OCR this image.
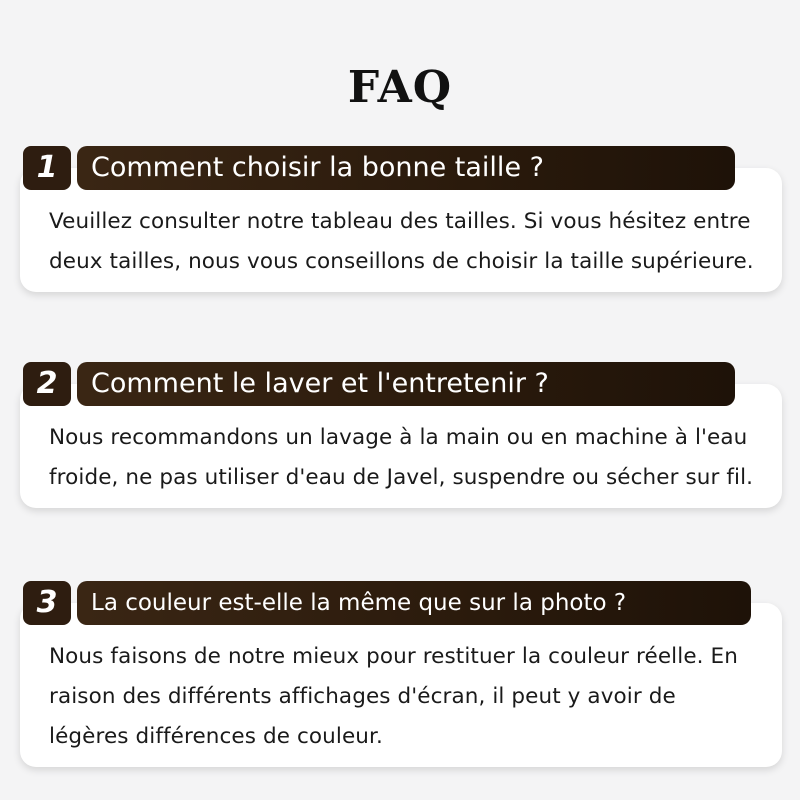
FAQ

Veuillez consulter notre tableau des tailles. Si vous hésitez entre deux tailles, nous vous conseillons de choisir la taille supérieure.

1	Comment choisir la bonne taille ?

Nous recommandons un lavage à la main ou en machine à l'eau froide, ne pas utiliser d'eau de Javel, suspendre ou sécher sur fil.

2	Comment le laver et l'entretenir ?

Nous faisons de notre mieux pour restituer la couleur réelle. En raison des différents affichages d'écran, il peut y avoir de légères différences de couleur.

3	La couleur est-elle la même que sur la photo ?
